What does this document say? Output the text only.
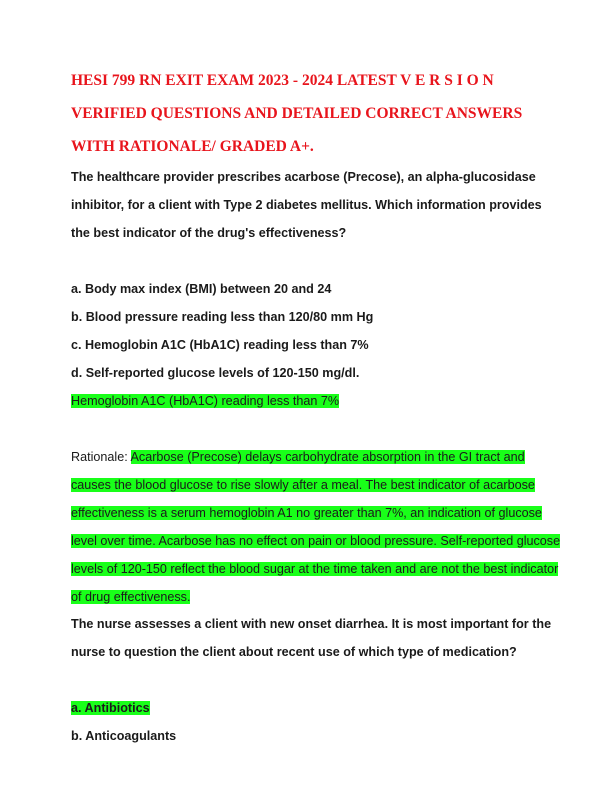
HESI 799 RN EXIT EXAM 2023 - 2024 LATEST V E R S I O N

VERIFIED QUESTIONS AND DETAILED CORRECT ANSWERS

WITH RATIONALE/ GRADED A+.

The healthcare provider prescribes acarbose (Precose), an alpha-glucosidase
inhibitor, for a client with Type 2 diabetes mellitus. Which information provides
the best indicator of the drug's effectiveness?
a. Body max index (BMI) between 20 and 24
b. Blood pressure reading less than 120/80 mm Hg
c. Hemoglobin A1C (HbA1C) reading less than 7%
d. Self-reported glucose levels of 120-150 mg/dl.
Hemoglobin A1C (HbA1C) reading less than 7%
Rationale: Acarbose (Precose) delays carbohydrate absorption in the GI tract and
causes the blood glucose to rise slowly after a meal. The best indicator of acarbose
effectiveness is a serum hemoglobin A1 no greater than 7%, an indication of glucose
level over time. Acarbose has no effect on pain or blood pressure. Self-reported glucose
levels of 120-150 reflect the blood sugar at the time taken and are not the best indicator
of drug effectiveness.
The nurse assesses a client with new onset diarrhea. It is most important for the
nurse to question the client about recent use of which type of medication?
a. Antibiotics
b. Anticoagulants
